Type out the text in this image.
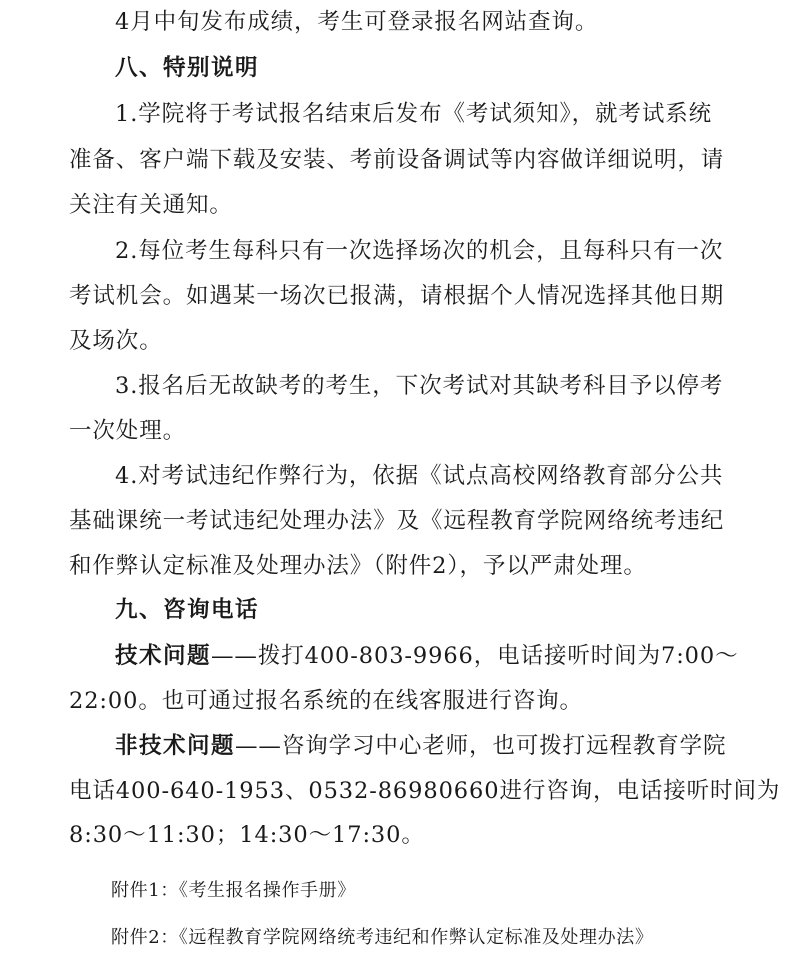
4月中旬发布成绩，考生可登录报名网站查询。
八、特别说明
1.学院将于考试报名结束后发布《考试须知》，就考试系统
准备、客户端下载及安装、考前设备调试等内容做详细说明，请
关注有关通知。
2.每位考生每科只有一次选择场次的机会，且每科只有一次
考试机会。如遇某一场次已报满，请根据个人情况选择其他日期
及场次。
3.报名后无故缺考的考生，下次考试对其缺考科目予以停考
一次处理。
4.对考试违纪作弊行为，依据《试点高校网络教育部分公共
基础课统一考试违纪处理办法》及《远程教育学院网络统考违纪
和作弊认定标准及处理办法》（附件2），予以严肃处理。
九、咨询电话
技术问题——拨打400-803-9966，电话接听时间为7:00～
22:00。也可通过报名系统的在线客服进行咨询。
非技术问题——咨询学习中心老师，也可拨打远程教育学院
电话400-640-1953、0532-86980660进行咨询，电话接听时间为
8:30～11:30；14:30～17:30。
附件1：《考生报名操作手册》
附件2：《远程教育学院网络统考违纪和作弊认定标准及处理办法》
